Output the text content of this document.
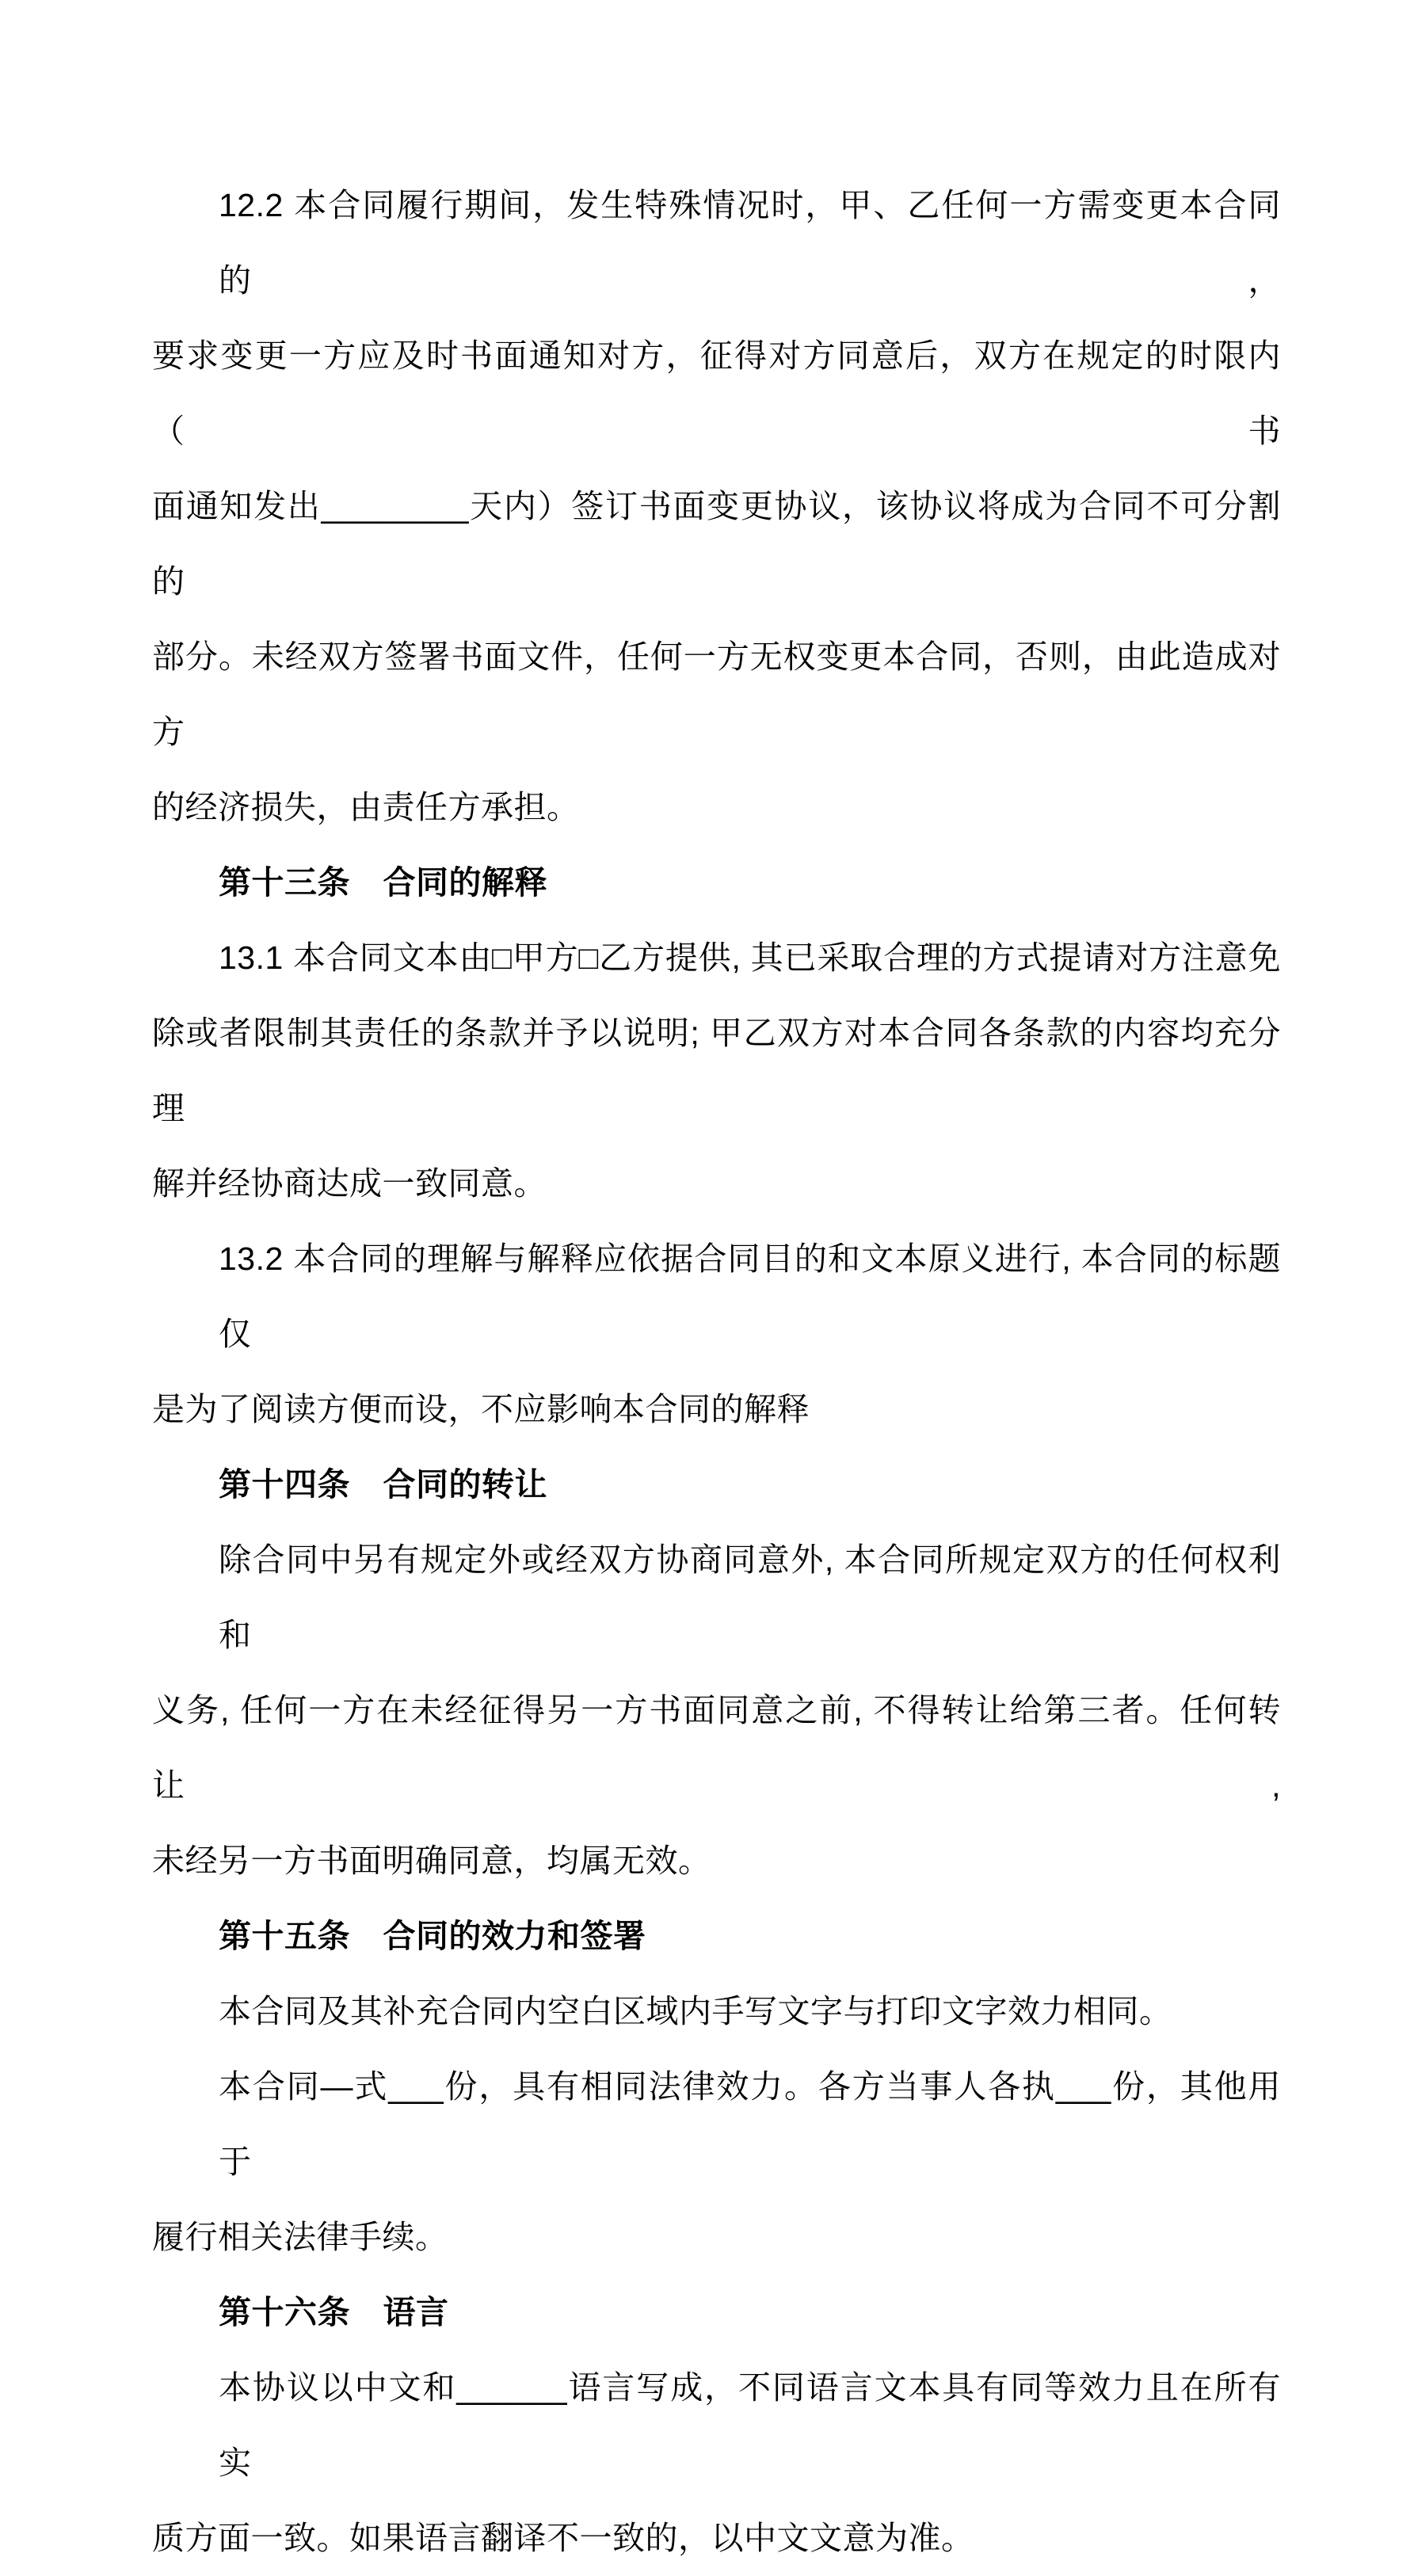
12.2 本合同履行期间，发生特殊情况时，甲、乙任何一方需变更本合同的，
要求变更一方应及时书面通知对方，征得对方同意后，双方在规定的时限内（书
面通知发出________天内）签订书面变更协议，该协议将成为合同不可分割的
部分。未经双方签署书面文件，任何一方无权变更本合同，否则，由此造成对方
的经济损失，由责任方承担。
第十三条　合同的解释
13.1 本合同文本由□甲方□乙方提供, 其已采取合理的方式提请对方注意免
除或者限制其责任的条款并予以说明; 甲乙双方对本合同各条款的内容均充分理
解并经协商达成一致同意。
13.2 本合同的理解与解释应依据合同目的和文本原义进行, 本合同的标题仅
是为了阅读方便而设，不应影响本合同的解释
第十四条　合同的转让
除合同中另有规定外或经双方协商同意外, 本合同所规定双方的任何权利和
义务, 任何一方在未经征得另一方书面同意之前, 不得转让给第三者。任何转让,
未经另一方书面明确同意，均属无效。
第十五条　合同的效力和签署
本合同及其补充合同内空白区域内手写文字与打印文字效力相同。
本合同—式___份，具有相同法律效力。各方当事人各执___份，其他用于
履行相关法律手续。
第十六条　语言
本协议以中文和______语言写成，不同语言文本具有同等效力且在所有实
质方面一致。如果语言翻译不一致的，以中文文意为准。
